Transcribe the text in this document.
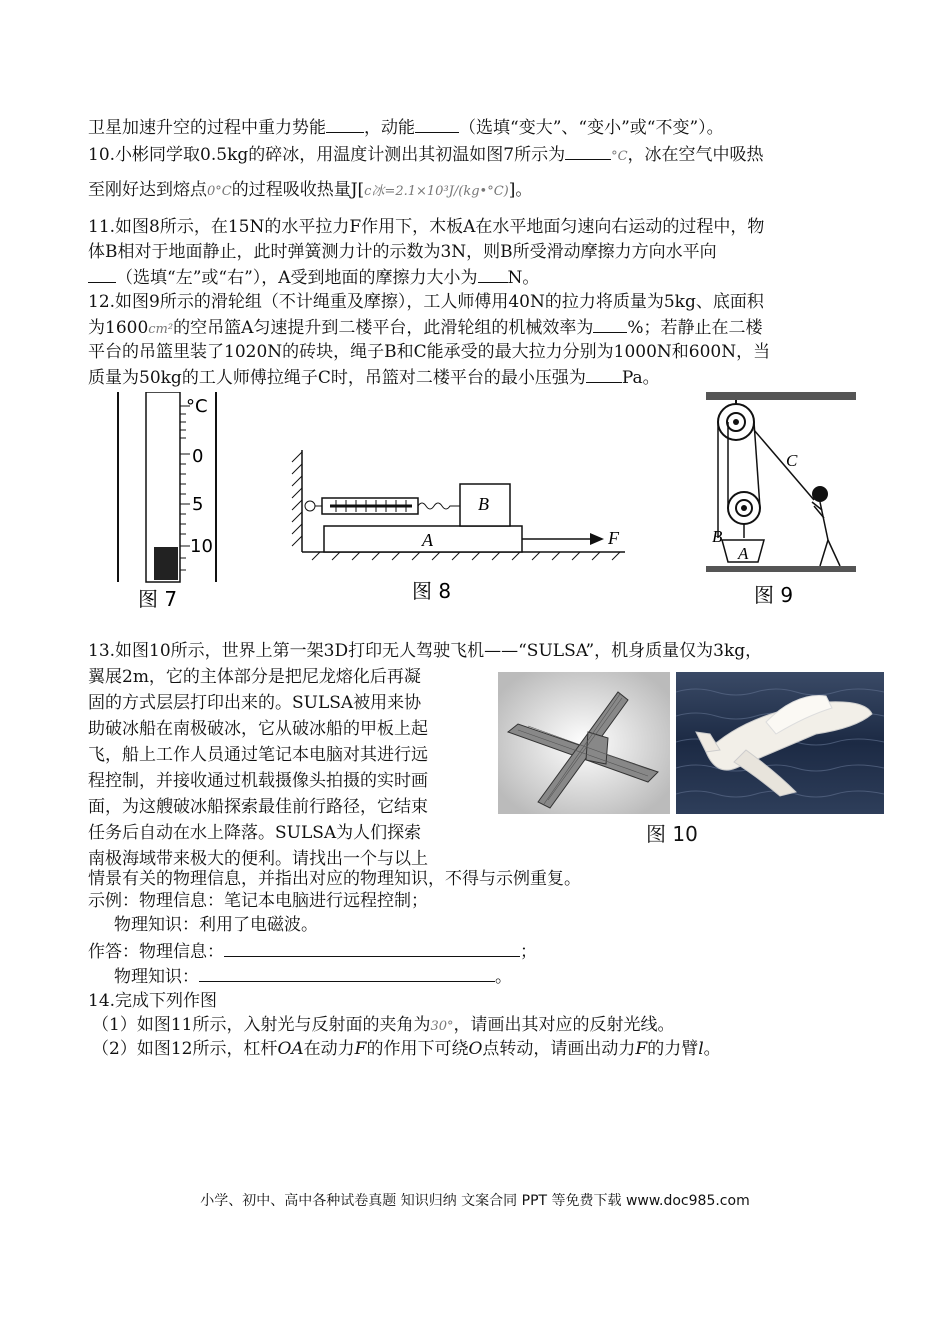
卫星加速升空的过程中重力势能 ，动能	（选填“变大”、“变小”或“不变”）。
10.小彬同学取0.5kg的碎冰，用温度计测出其初温如图7所示为	°C，冰在空气中吸热
至刚好达到熔点0°C的过程吸收热量J[c冰=2.1×10³J/(kg•°C)]。
11.如图8所示，在15N的水平拉力F作用下，木板A在水平地面匀速向右运动的过程中，物
体B相对于地面静止，此时弹簧测力计的示数为3N，则B所受滑动摩擦力方向水平向
（选填“左”或“右”），A受到地面的摩擦力大小为 N。
12.如图9所示的滑轮组（不计绳重及摩擦），工人师傅用40N的拉力将质量为5kg、底面积
为1600cm²的空吊篮A匀速提升到二楼平台，此滑轮组的机械效率为 %；若静止在二楼
平台的吊篮里装了1020N的砖块，绳子B和C能承受的最大拉力分别为1000N和600N，当
质量为50kg的工人师傅拉绳子C时，吊篮对二楼平台的最小压强为 Pa。
°C
0
5
10
图 7
A
B
F
图 8
A
B
C
图 9
13.如图10所示，世界上第一架3D打印无人驾驶飞机——“SULSA”，机身质量仅为3kg，
翼展2m，它的主体部分是把尼龙熔化后再凝
固的方式层层打印出来的。SULSA被用来协
助破冰船在南极破冰，它从破冰船的甲板上起
飞，船上工作人员通过笔记本电脑对其进行远
程控制，并接收通过机载摄像头拍摄的实时画
面，为这艘破冰船探索最佳前行路径，它结束
任务后自动在水上降落。SULSA为人们探索
南极海域带来极大的便利。请找出一个与以上
情景有关的物理信息，并指出对应的物理知识，不得与示例重复。
图 10
示例：物理信息：笔记本电脑进行远程控制；
物理知识：利用了电磁波。
作答：物理信息：	；
物理知识：	。
14.完成下列作图
（1）如图11所示，入射光与反射面的夹角为30°，请画出其对应的反射光线。
（2）如图12所示，杠杆OA在动力F的作用下可绕O点转动，请画出动力F的力臂l。
小学、初中、高中各种试卷真题 知识归纳 文案合同 PPT 等免费下载 www.doc985.com
